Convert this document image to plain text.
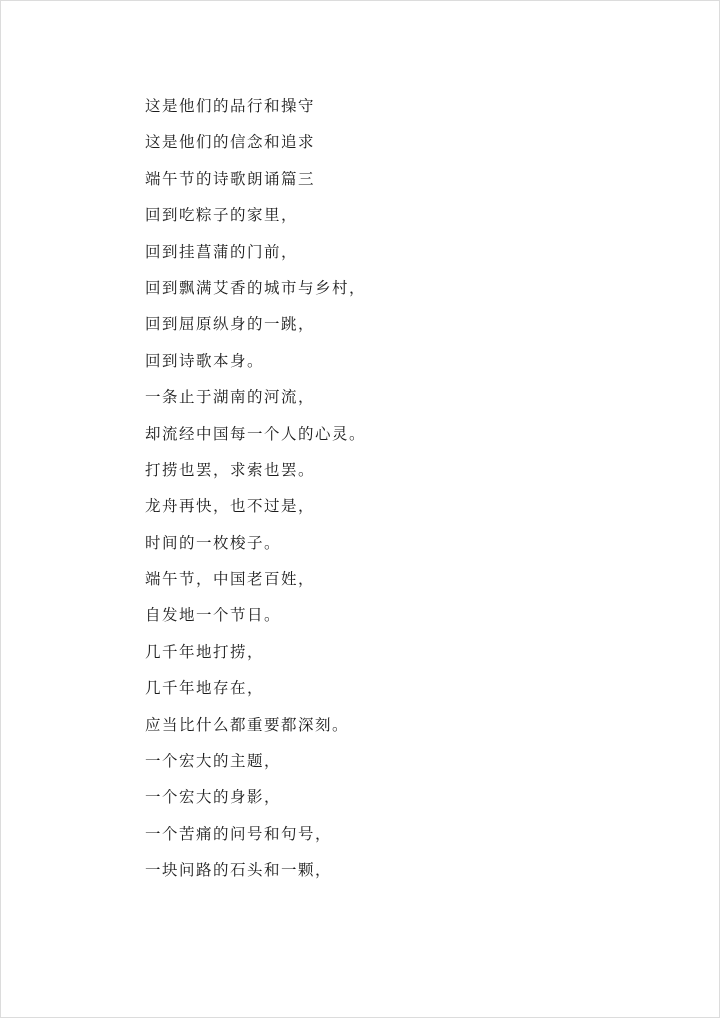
这是他们的品行和操守
这是他们的信念和追求
端午节的诗歌朗诵篇三
回到吃粽子的家里，
回到挂菖蒲的门前，
回到飘满艾香的城市与乡村，
回到屈原纵身的一跳，
回到诗歌本身。
一条止于湖南的河流，
却流经中国每一个人的心灵。
打捞也罢，求索也罢。
龙舟再快，也不过是，
时间的一枚梭子。
端午节，中国老百姓，
自发地一个节日。
几千年地打捞，
几千年地存在，
应当比什么都重要都深刻。
一个宏大的主题，
一个宏大的身影，
一个苦痛的问号和句号，
一块问路的石头和一颗，
